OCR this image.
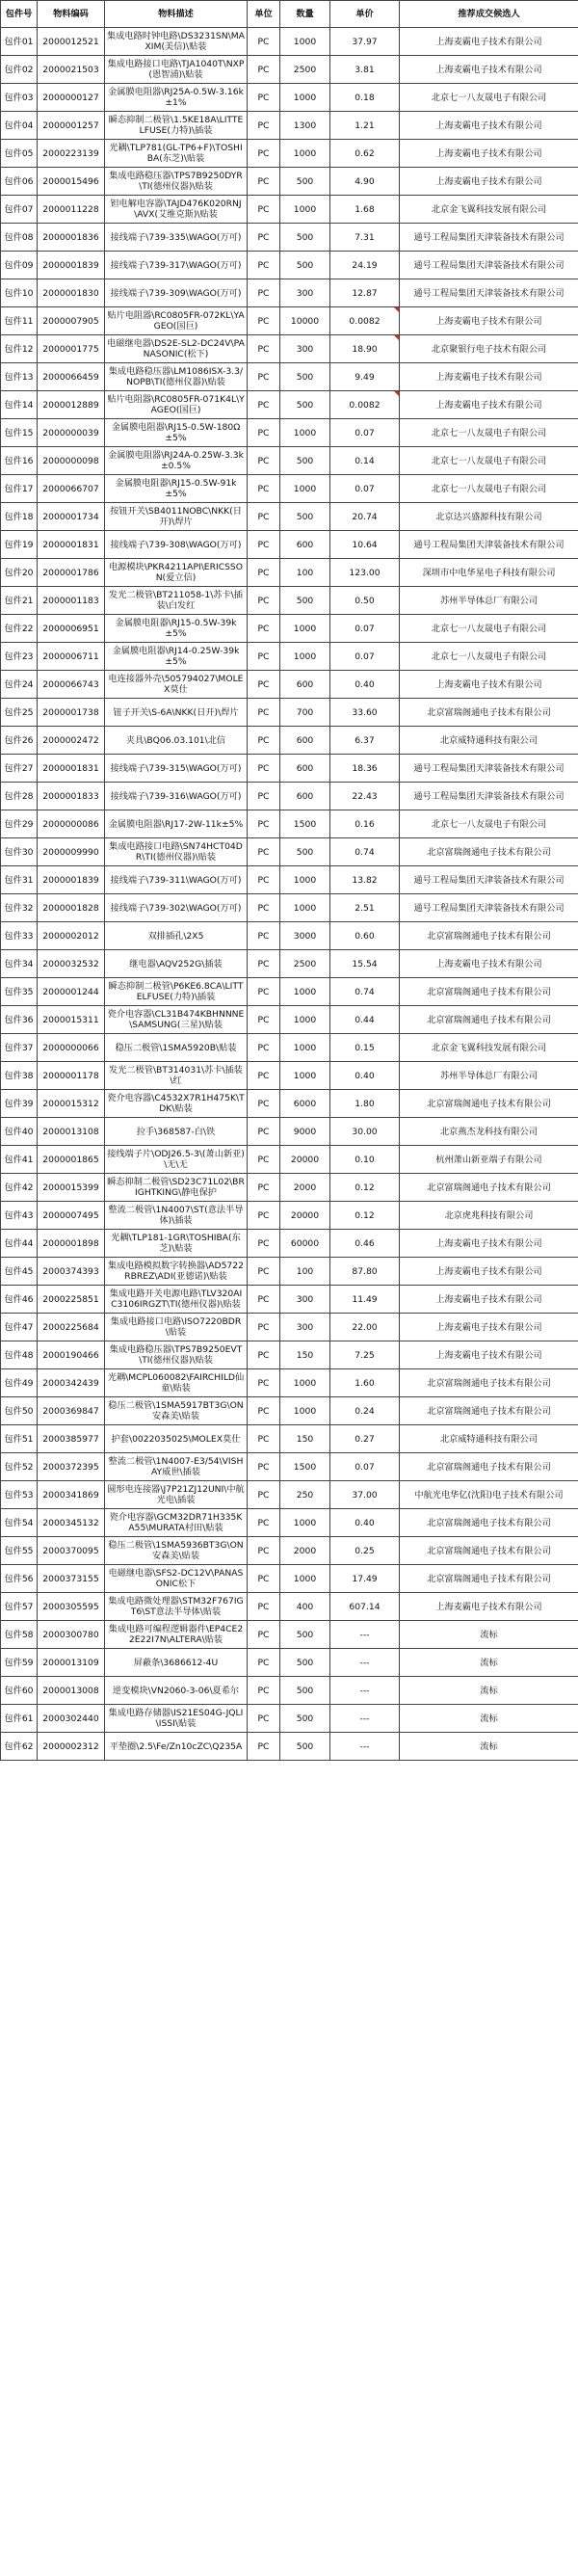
包件号	物料编码	物料描述	单位	数量	单价	推荐成交候选人
包件01	2000012521	集成电路时钟电路\DS3231SN\MAXIM(美信)\贴装	PC	1000	37.97	上海麦霸电子技术有限公司
包件02	2000021503	集成电路接口电路\TJA1040T\NXP(恩智浦)\贴装	PC	2500	3.81	上海麦霸电子技术有限公司
包件03	2000000127	金属膜电阻器\RJ25A-0.5W-3.16k±1%	PC	1000	0.18	北京七一八友晟电子有限公司
包件04	2000001257	瞬态抑制二极管\1.5KE18A\LITTELFUSE(力特)\插装	PC	1300	1.21	上海麦霸电子技术有限公司
包件05	2000223139	光耦\TLP781(GL-TP6+F)\TOSHIBA(东芝)\贴装	PC	1000	0.62	上海麦霸电子技术有限公司
包件06	2000015496	集成电路稳压器\TPS7B9250DYR\TI(德州仪器)\贴装	PC	500	4.90	上海麦霸电子技术有限公司
包件07	2000011228	钽电解电容器\TAJD476K020RNJ\AVX(艾维克斯)\贴装	PC	1000	1.68	北京金飞翼科技发展有限公司
包件08	2000001836	接线端子\739-335\WAGO(万可)	PC	500	7.31	通号工程局集团天津装备技术有限公司
包件09	2000001839	接线端子\739-317\WAGO(万可)	PC	500	24.19	通号工程局集团天津装备技术有限公司
包件10	2000001830	接线端子\739-309\WAGO(万可)	PC	300	12.87	通号工程局集团天津装备技术有限公司
包件11	2000007905	贴片电阻器\RC0805FR-072KL\YAGEO(国巨)	PC	10000	0.0082	上海麦霸电子技术有限公司
包件12	2000001775	电磁继电器\DS2E-SL2-DC24V\PANASONIC(松下)	PC	300	18.90	北京聚银行电子技术有限公司
包件13	2000066459	集成电路稳压器\LM1086ISX-3.3/NOPB\TI(德州仪器)\贴装	PC	500	9.49	上海麦霸电子技术有限公司
包件14	2000012889	贴片电阻器\RC0805FR-071K4L\YAGEO(国巨)	PC	500	0.0082	上海麦霸电子技术有限公司
包件15	2000000039	金属膜电阻器\RJ15-0.5W-180Ω±5%	PC	1000	0.07	北京七一八友晟电子有限公司
包件16	2000000098	金属膜电阻器\RJ24A-0.25W-3.3k±0.5%	PC	500	0.14	北京七一八友晟电子有限公司
包件17	2000066707	金属膜电阻器\RJ15-0.5W-91k±5%	PC	1000	0.07	北京七一八友晟电子有限公司
包件18	2000001734	按钮开关\SB4011NOBC\NKK(日开)\焊片	PC	500	20.74	北京达兴盛源科技有限公司
包件19	2000001831	接线端子\739-308\WAGO(万可)	PC	600	10.64	通号工程局集团天津装备技术有限公司
包件20	2000001786	电源模块\PKR4211API\ERICSSON(爱立信)	PC	100	123.00	深圳市中电华星电子科技有限公司
包件21	2000001183	发光二极管\BT211058-1\苏卡\插装\白发红	PC	500	0.50	苏州半导体总厂有限公司
包件22	2000006951	金属膜电阻器\RJ15-0.5W-39k±5%	PC	1000	0.07	北京七一八友晟电子有限公司
包件23	2000006711	金属膜电阻器\RJ14-0.25W-39k±5%	PC	1000	0.07	北京七一八友晟电子有限公司
包件24	2000066743	电连接器外壳\505794027\MOLEX莫仕	PC	600	0.40	上海麦霸电子技术有限公司
包件25	2000001738	钮子开关\S-6A\NKK(日开)\焊片	PC	700	33.60	北京富瑞阁通电子技术有限公司
包件26	2000002472	夹具\BQ06.03.101\北信	PC	600	6.37	北京威特通科技有限公司
包件27	2000001831	接线端子\739-315\WAGO(万可)	PC	600	18.36	通号工程局集团天津装备技术有限公司
包件28	2000001833	接线端子\739-316\WAGO(万可)	PC	600	22.43	通号工程局集团天津装备技术有限公司
包件29	2000000086	金属膜电阻器\RJ17-2W-11k±5%	PC	1500	0.16	北京七一八友晟电子有限公司
包件30	2000009990	集成电路接口电路\SN74HCT04DR\TI(德州仪器)\贴装	PC	500	0.74	北京富瑞阁通电子技术有限公司
包件31	2000001839	接线端子\739-311\WAGO(万可)	PC	1000	13.82	通号工程局集团天津装备技术有限公司
包件32	2000001828	接线端子\739-302\WAGO(万可)	PC	1000	2.51	通号工程局集团天津装备技术有限公司
包件33	2000002012	双排插孔\2X5	PC	3000	0.60	北京富瑞阁通电子技术有限公司
包件34	2000032532	继电器\AQV252G\插装	PC	2500	15.54	上海麦霸电子技术有限公司
包件35	2000001244	瞬态抑制二极管\P6KE6.8CA\LITTELFUSE(力特)\插装	PC	1000	0.74	北京富瑞阁通电子技术有限公司
包件36	2000015311	瓷介电容器\CL31B474KBHNNNE\SAMSUNG(三星)\贴装	PC	1000	0.44	北京富瑞阁通电子技术有限公司
包件37	2000000066	稳压二极管\1SMA5920B\贴装	PC	1000	0.15	北京金飞翼科技发展有限公司
包件38	2000001178	发光二极管\BT314031\苏卡\插装\红	PC	1000	0.40	苏州半导体总厂有限公司
包件39	2000015312	瓷介电容器\C4532X7R1H475K\TDK\贴装	PC	6000	1.80	北京富瑞阁通电子技术有限公司
包件40	2000013108	拉手\368587-白\铁	PC	9000	30.00	北京燕杰龙科技有限公司
包件41	2000001865	接线端子片\ODJ26.5-3\(萧山新亚)\无\无	PC	20000	0.10	杭州萧山新亚端子有限公司
包件42	2000015399	瞬态抑制二极管\SD23C71L02\BRIGHTKING\静电保护	PC	2000	0.12	北京富瑞阁通电子技术有限公司
包件43	2000007495	整流二极管\1N4007\ST(意法半导体)\插装	PC	20000	0.12	北京虎兆科技有限公司
包件44	2000001898	光耦\TLP181-1GR\TOSHIBA(东芝)\贴装	PC	60000	0.46	上海麦霸电子技术有限公司
包件45	2000374393	集成电路模拟数字转换器\AD5722RBREZ\ADI(亚德诺)\贴装	PC	100	87.80	上海麦霸电子技术有限公司
包件46	2000225851	集成电路开关电源电路\TLV320AIC3106IRGZT\TI(德州仪器)\贴装	PC	300	11.49	上海麦霸电子技术有限公司
包件47	2000225684	集成电路接口电路\ISO7220BDR\贴装	PC	300	22.00	上海麦霸电子技术有限公司
包件48	2000190466	集成电路稳压器\TPS7B9250EVT\TI(德州仪器)\贴装	PC	150	7.25	上海麦霸电子技术有限公司
包件49	2000342439	光耦\MCPL060082\FAIRCHILD仙童\贴装	PC	1000	1.60	北京富瑞阁通电子技术有限公司
包件50	2000369847	稳压二极管\1SMA5917BT3G\ON安森美\贴装	PC	1000	0.24	北京富瑞阁通电子技术有限公司
包件51	2000385977	护套\0022035025\MOLEX莫仕	PC	150	0.27	北京威特通科技有限公司
包件52	2000372395	整流二极管\1N4007-E3/54\VISHAY威世\插装	PC	1500	0.07	北京富瑞阁通电子技术有限公司
包件53	2000341869	圆形电连接器\J7P21ZJ12UNI\中航光电\插装	PC	250	37.00	中航光电华亿(沈阳)电子技术有限公司
包件54	2000345132	瓷介电容器\GCM32DR71H335KA55\MURATA村田\贴装	PC	1000	0.40	北京富瑞阁通电子技术有限公司
包件55	2000370095	稳压二极管\1SMA5936BT3G\ON安森美\贴装	PC	2000	0.25	北京富瑞阁通电子技术有限公司
包件56	2000373155	电磁继电器\SFS2-DC12V\PANASONIC松下	PC	1000	17.49	北京富瑞阁通电子技术有限公司
包件57	2000305595	集成电路微处理器\STM32F767IGT6\ST意法半导体\贴装	PC	400	607.14	上海麦霸电子技术有限公司
包件58	2000300780	集成电路可编程逻辑器件\EP4CE22E22I7N\ALTERA\贴装	PC	500	---	流标
包件59	2000013109	屏蔽条\3686612-4U	PC	500	---	流标
包件60	2000013008	逆变模块\VN2060-3-06\夏希尔	PC	500	---	流标
包件61	2000302440	集成电路存储器\IS21ES04G-JQLI\ISSI\贴装	PC	500	---	流标
包件62	2000002312	平垫圈\2.5\Fe/Zn10cZC\Q235A	PC	500	---	流标
